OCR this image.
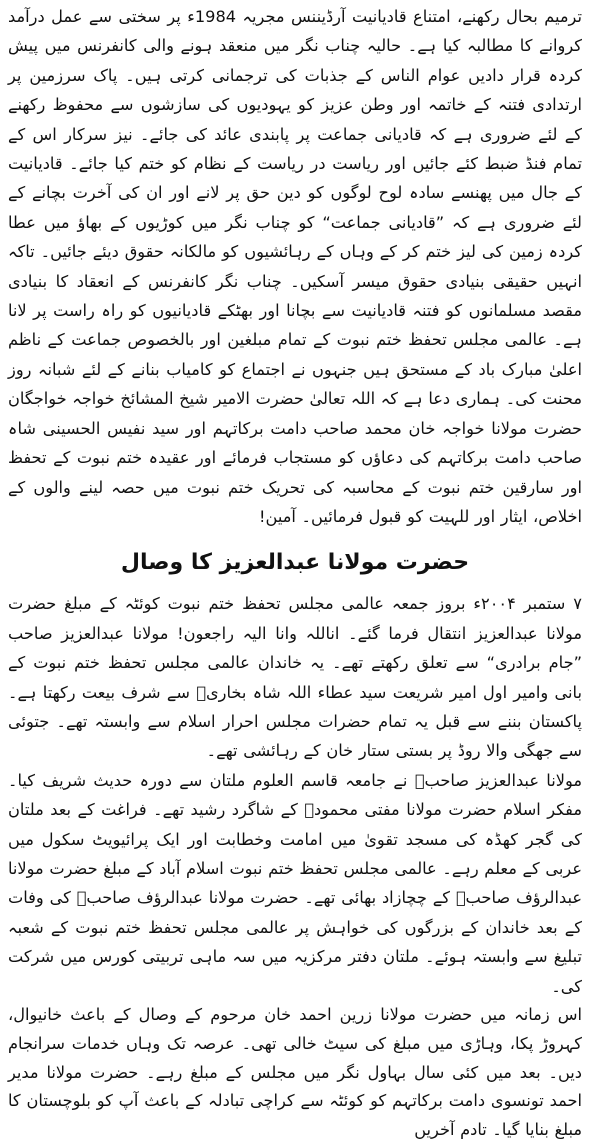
ترمیم بحال رکھنے، امتناع قادیانیت آرڈیننس مجریہ 1984ء پر سختی سے عمل درآمد کروانے کا مطالبہ کیا ہے۔ حالیہ چناب نگر میں منعقد ہونے والی کانفرنس میں پیش کردہ قرار دادیں عوام الناس کے جذبات کی ترجمانی کرتی ہیں۔ پاک سرزمین پر ارتدادی فتنہ کے خاتمہ اور وطن عزیز کو یہودیوں کی سازشوں سے محفوظ رکھنے کے لئے ضروری ہے کہ قادیانی جماعت پر پابندی عائد کی جائے۔ نیز سرکار اس کے تمام فنڈ ضبط کئے جائیں اور ریاست در ریاست کے نظام کو ختم کیا جائے۔ قادیانیت کے جال میں پھنسے سادہ لوح لوگوں کو دین حق پر لانے اور ان کی آخرت بچانے کے لئے ضروری ہے کہ ”قادیانی جماعت“ کو چناب نگر میں کوڑیوں کے بھاؤ میں عطا کردہ زمین کی لیز ختم کر کے وہاں کے رہائشیوں کو مالکانہ حقوق دیئے جائیں۔ تاکہ انہیں حقیقی بنیادی حقوق میسر آسکیں۔ چناب نگر کانفرنس کے انعقاد کا بنیادی مقصد مسلمانوں کو فتنہ قادیانیت سے بچانا اور بھٹکے قادیانیوں کو راہ راست پر لانا ہے۔ عالمی مجلس تحفظ ختم نبوت کے تمام مبلغین اور بالخصوص جماعت کے ناظم اعلیٰ مبارک باد کے مستحق ہیں جنہوں نے اجتماع کو کامیاب بنانے کے لئے شبانہ روز محنت کی۔ ہماری دعا ہے کہ اللہ تعالیٰ حضرت الامیر شیخ المشائخ خواجہ خواجگان حضرت مولانا خواجہ خان محمد صاحب دامت برکاتہم اور سید نفیس الحسینی شاہ صاحب دامت برکاتہم کی دعاؤں کو مستجاب فرمائے اور عقیدہ ختم نبوت کے تحفظ اور سارقین ختم نبوت کے محاسبہ کی تحریک ختم نبوت میں حصہ لینے والوں کے اخلاص، ایثار اور للہیت کو قبول فرمائیں۔ آمین!

حضرت مولانا عبدالعزیز کا وصال

۷ ستمبر ۲۰۰۴ء بروز جمعہ عالمی مجلس تحفظ ختم نبوت کوئٹہ کے مبلغ حضرت مولانا عبدالعزیز انتقال فرما گئے۔ اناللہ وانا الیہ راجعون! مولانا عبدالعزیز صاحب ”جام برادری“ سے تعلق رکھتے تھے۔ یہ خاندان عالمی مجلس تحفظ ختم نبوت کے بانی وامیر اول امیر شریعت سید عطاء اللہ شاہ بخاریؒ سے شرف بیعت رکھتا ہے۔ پاکستان بننے سے قبل یہ تمام حضرات مجلس احرار اسلام سے وابستہ تھے۔ جتوئی سے جھگی والا روڈ پر بستی ستار خان کے رہائشی تھے۔

مولانا عبدالعزیز صاحبؒ نے جامعہ قاسم العلوم ملتان سے دورہ حدیث شریف کیا۔ مفکر اسلام حضرت مولانا مفتی محمودؒ کے شاگرد رشید تھے۔ فراغت کے بعد ملتان کی گجر کھڈہ کی مسجد تقویٰ میں امامت وخطابت اور ایک پرائیویٹ سکول میں عربی کے معلم رہے۔ عالمی مجلس تحفظ ختم نبوت اسلام آباد کے مبلغ حضرت مولانا عبدالرؤف صاحبؒ کے چچازاد بھائی تھے۔ حضرت مولانا عبدالرؤف صاحبؒ کی وفات کے بعد خاندان کے بزرگوں کی خواہش پر عالمی مجلس تحفظ ختم نبوت کے شعبہ تبلیغ سے وابستہ ہوئے۔ ملتان دفتر مرکزیہ میں سہ ماہی تربیتی کورس میں شرکت کی۔

اس زمانہ میں حضرت مولانا زرین احمد خان مرحوم کے وصال کے باعث خانیوال، کہروڑ پکا، وہاڑی میں مبلغ کی سیٹ خالی تھی۔ عرصہ تک وہاں خدمات سرانجام دیں۔ بعد میں کئی سال بہاول نگر میں مجلس کے مبلغ رہے۔ حضرت مولانا مدیر احمد تونسوی دامت برکاتہم کو کوئٹہ سے کراچی تبادلہ کے باعث آپ کو بلوچستان کا مبلغ بنایا گیا۔ تادم آخریں
